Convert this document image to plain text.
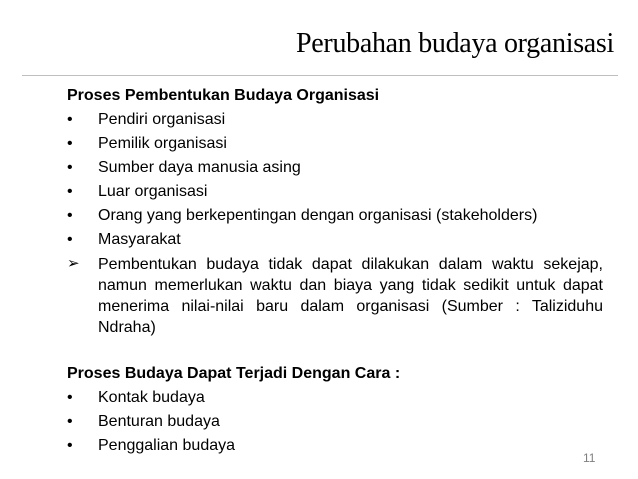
Perubahan budaya organisasi
Proses Pembentukan Budaya Organisasi
•	Pendiri organisasi
•	Pemilik organisasi
•	Sumber daya manusia asing
•	Luar organisasi
•	Orang yang berkepentingan dengan organisasi (stakeholders)
•	Masyarakat
➢	Pembentukan budaya tidak dapat dilakukan dalam waktu sekejap, namun memerlukan waktu dan biaya yang tidak sedikit untuk dapat menerima nilai-nilai baru dalam organisasi (Sumber : Taliziduhu Ndraha)
Proses Budaya Dapat Terjadi Dengan Cara :
•	Kontak budaya
•	Benturan budaya
•	Penggalian budaya
11
